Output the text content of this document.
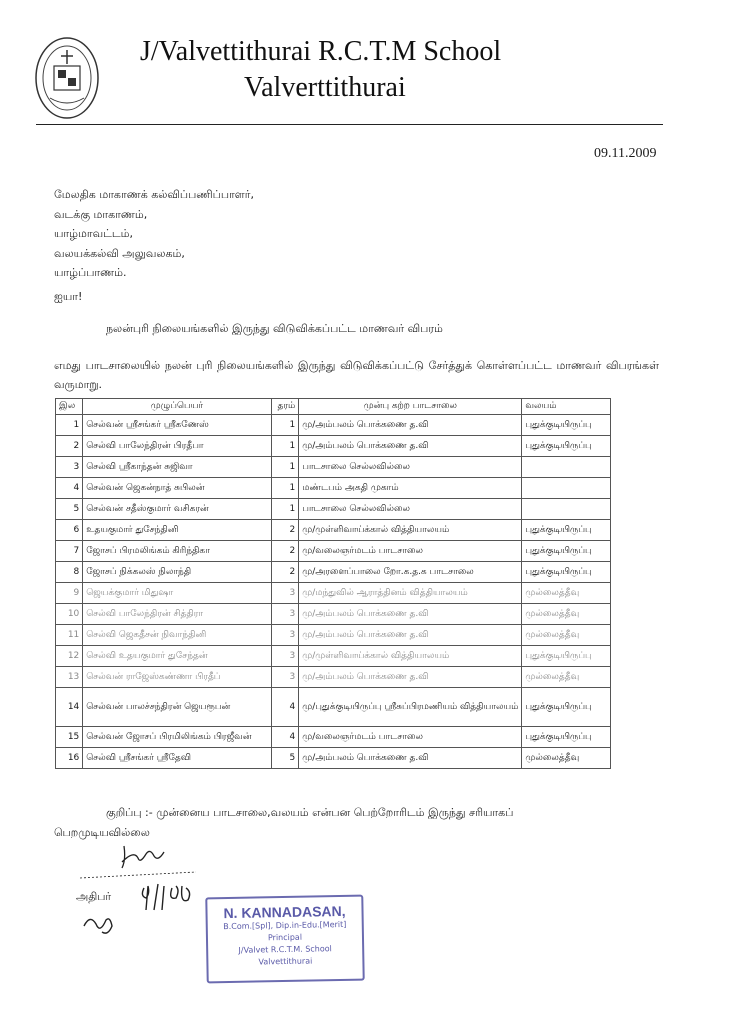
J/Valvettithurai R.C.T.M School
Valverttithurai
09.11.2009
மேலதிக மாகாணக் கல்விப்பணிப்பாளர்,
வடக்கு மாகாணம்,
யாழ்மாவட்டம்,
வலயக்கல்வி அலுவலகம்,
யாழ்ப்பாணம்.
ஐயா!
நலன்புரி நிலையங்களில் இருந்து விடுவிக்கப்பட்ட மாணவர் விபரம்
எமது பாடசாலையில் நலன் புரி நிலையங்களில் இருந்து விடுவிக்கப்பட்டு சேர்த்துக் கொள்ளப்பட்ட மாணவர் விபரங்கள் வருமாறு.
இல	முழுப்பெயர்	தரம்	முன்பு கற்ற பாடசாலை	வலயம்
1	செல்வன் ஸ்ரீசங்கர் ஸ்ரீகணேஸ்	1	மு/அம்பலம் பொக்கணை த.வி	புதுக்குடியிருப்பு
2	செல்வி பாலேந்திரன் பிரதீபா	1	மு/அம்பலம் பொக்கணை த.வி	புதுக்குடியிருப்பு
3	செல்வி ஸ்ரீகாந்தன் சுஜிவா	1	பாடசாலை செல்லவில்லை	
4	செல்வன் ஜெகன்நாத் சுபிலன்	1	மண்டபம் அகதி முகாம்	
5	செல்வன் சதீஸ்குமார் வசிகரன்	1	பாடசாலை செல்லவில்லை	
6	உதயகுமார் துசேந்தினி	2	மு/முள்ளிவாய்க்கால் வித்தியாலயம்	புதுக்குடியிருப்பு
7	ஜோசப் பிரமலிங்கம் கிரிந்திகா	2	மு/வலைஞர்மடம் பாடசாலை	புதுக்குடியிருப்பு
8	ஜோசப் நிக்கலஸ் நிலாந்தி	2	மு/அரளைப்பாலை றோ.க.த.க பாடசாலை	புதுக்குடியிருப்பு
9	ஜெயக்குமார் மிதுஷா	3	மு/மந்துவில் ஆராத்தினம் வித்தியாலயம்	முல்லைத்தீவு
10	செல்வி பாலேந்திரன் சித்திரா	3	மு/அம்பலம் பொக்கணை த.வி	முல்லைத்தீவு
11	செல்வி ஜெகதீசன் நிவாந்தினி	3	மு/அம்பலம் பொக்கணை த.வி	முல்லைத்தீவு
12	செல்வி உதயகுமார் துசேந்தன்	3	மு/முள்ளிவாய்க்கால் வித்தியாலயம்	புதுக்குடியிருப்பு
13	செல்வன் ராஜேஸ்கண்ணா பிரதீப்	3	மு/அம்பலம் பொக்கணை த.வி	முல்லைத்தீவு
14	செல்வன் பாலச்சந்திரன் ஜெயரூபன்	4	மு/புதுக்குடியிருப்பு ஸ்ரீசுப்பிரமணியம் வித்தியாலயம்	புதுக்குடியிருப்பு
15	செல்வன் ஜோசப் பிரமிலிங்கம் பிரஜீவன்	4	மு/வலைஞர்மடம் பாடசாலை	புதுக்குடியிருப்பு
16	செல்வி ஸ்ரீசங்கர் ஸ்ரீதேவி	5	மு/அம்பலம் பொக்கணை த.வி	முல்லைத்தீவு
குறிப்பு :- முன்னைய பாடசாலை,வலயம் என்பன பெற்றோரிடம் இருந்து சரியாகப்
பெறமுடியவில்லை
அதிபர்
N. KANNADASAN,
B.Com.[Spl], Dip.in-Edu.[Merit]
Principal
J/Valvet R.C.T.M. School
Valvettithurai
